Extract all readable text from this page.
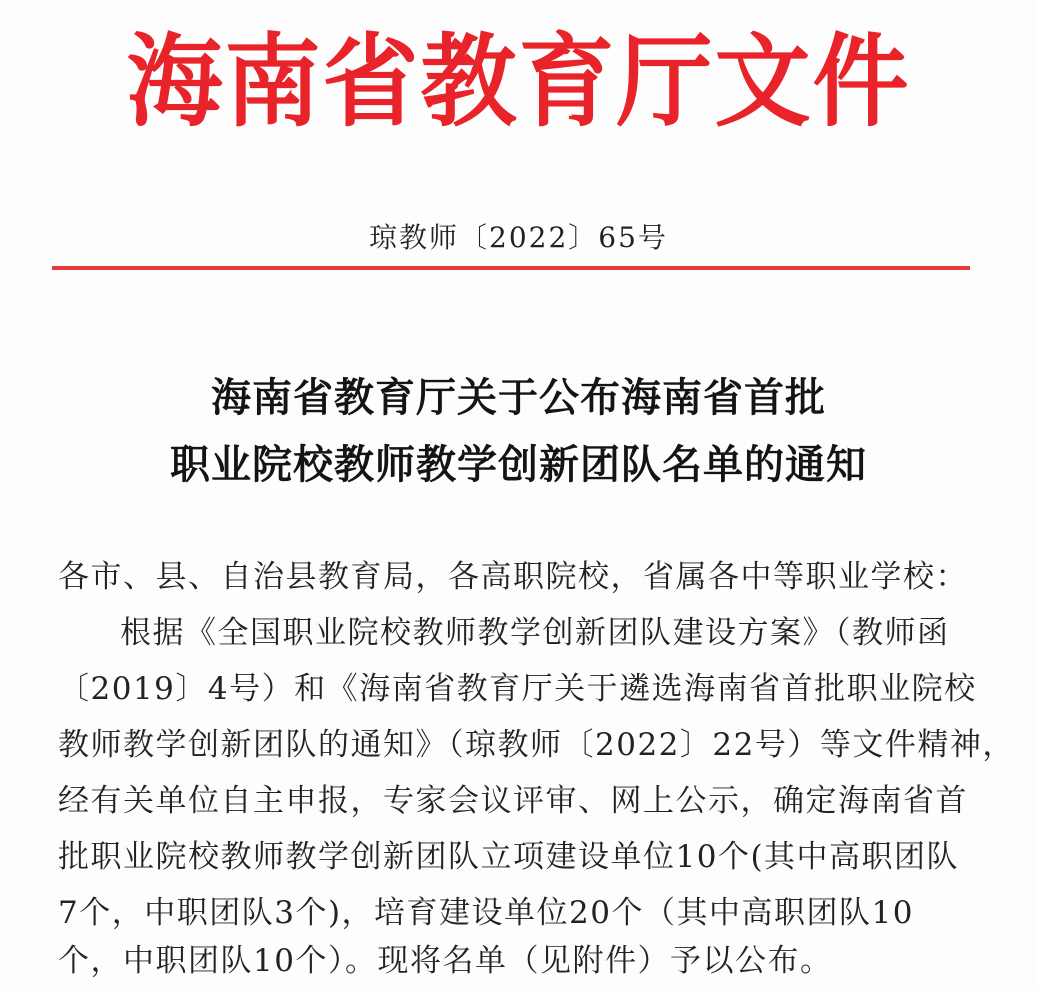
海南省教育厅文件
琼教师〔2022〕65号
海南省教育厅关于公布海南省首批
职业院校教师教学创新团队名单的通知
各市、县、自治县教育局，各高职院校，省属各中等职业学校：
根据《全国职业院校教师教学创新团队建设方案》（教师函
〔2019〕4号）和《海南省教育厅关于遴选海南省首批职业院校
教师教学创新团队的通知》（琼教师〔2022〕22号）等文件精神，
经有关单位自主申报，专家会议评审、网上公示，确定海南省首
批职业院校教师教学创新团队立项建设单位10个(其中高职团队
7个，中职团队3个)，培育建设单位20个（其中高职团队10
个，中职团队10个）。现将名单（见附件）予以公布。
